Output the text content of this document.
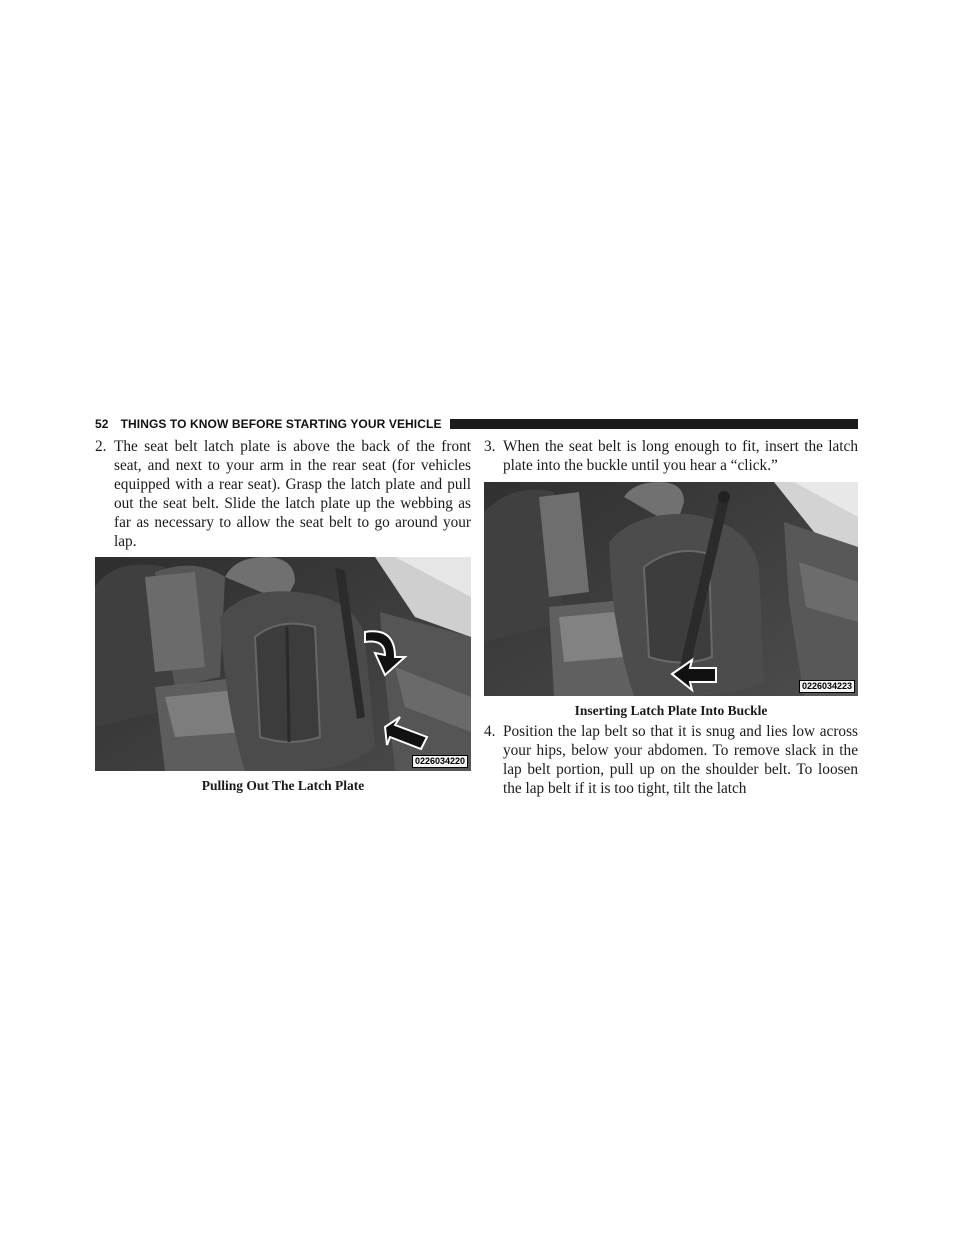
52 THINGS TO KNOW BEFORE STARTING YOUR VEHICLE
2. The seat belt latch plate is above the back of the front seat, and next to your arm in the rear seat (for vehicles equipped with a rear seat). Grasp the latch plate and pull out the seat belt. Slide the latch plate up the webbing as far as necessary to allow the seat belt to go around your lap.
0226034220
Pulling Out The Latch Plate
3. When the seat belt is long enough to fit, insert the latch plate into the buckle until you hear a “click.”
0226034223
Inserting Latch Plate Into Buckle
4. Position the lap belt so that it is snug and lies low across your hips, below your abdomen. To remove slack in the lap belt portion, pull up on the shoulder belt. To loosen the lap belt if it is too tight, tilt the latch
